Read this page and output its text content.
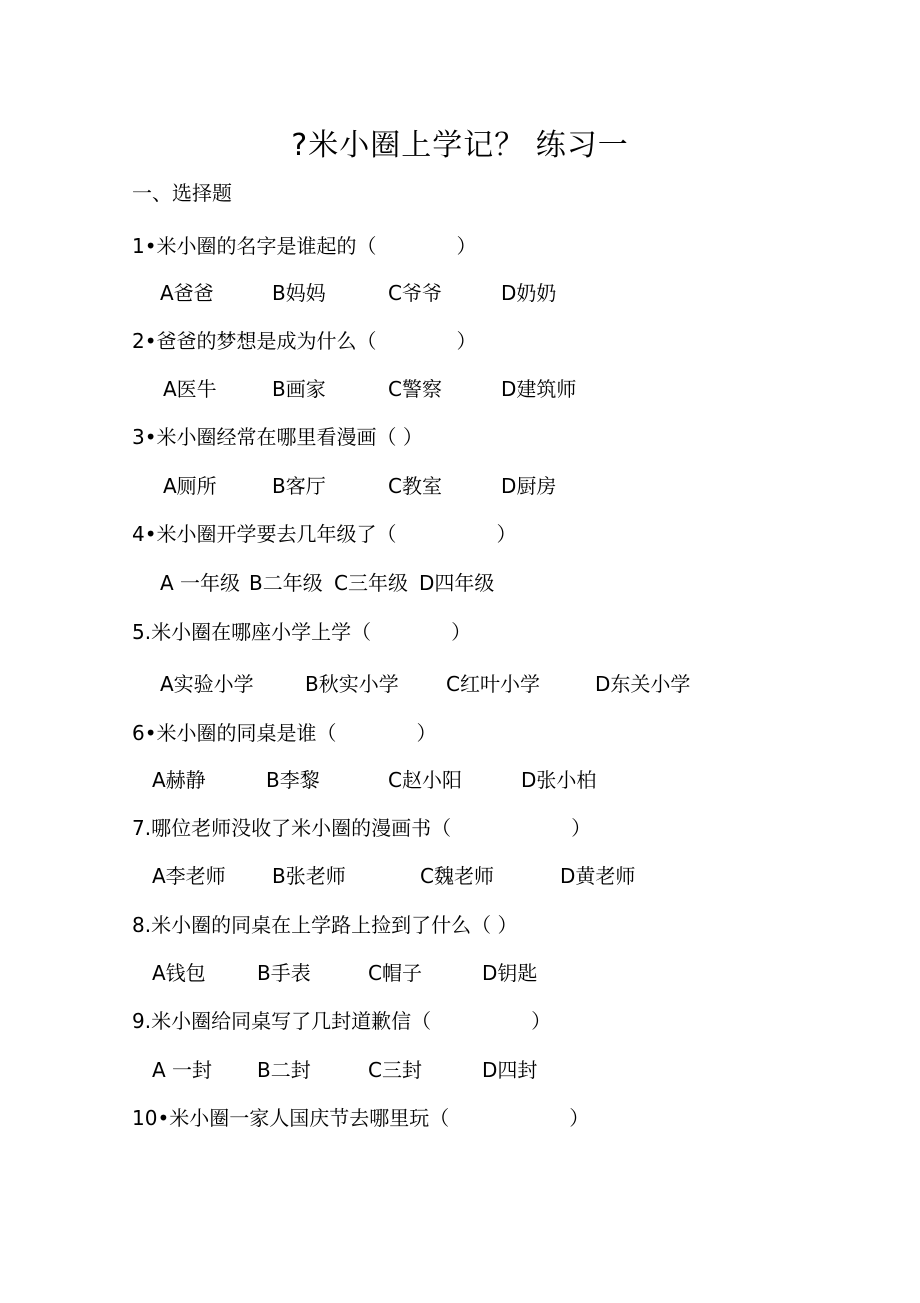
?米小圈上学记？ 练习一
一、选择题
1•米小圈的名字是谁起的（　　　　）
A爸爸	B妈妈	C爷爷	D奶奶
2•爸爸的梦想是成为什么（　　　　）
A医牛	B画家	C警察	D建筑师
3•米小圈经常在哪里看漫画（ ）
A厕所	B客厅	C教室	D厨房
4•米小圈开学要去几年级了（　　　　　）
A 一年级 B二年级 C三年级 D四年级
5.米小圈在哪座小学上学（　　　　）
A实验小学	B秋实小学 C红叶小学	D东关小学
6•米小圈的同桌是谁（　　　　）
A赫静	B李黎	C赵小阳	D张小柏
7.哪位老师没收了米小圈的漫画书（　　　　　　）
A李老师 B张老师	C魏老师	D黄老师
8.米小圈的同桌在上学路上捡到了什么（ ）
A钱包	B手表	C帽子	D钥匙
9.米小圈给同桌写了几封道歉信（　　　　　）
A 一封 B二封	C三封	D四封
10•米小圈一家人国庆节去哪里玩（　　　　　　）
